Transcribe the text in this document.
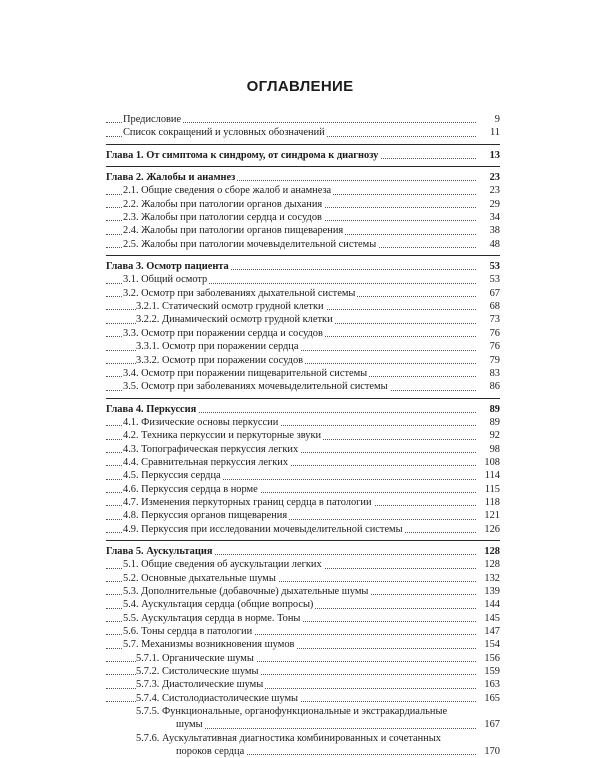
ОГЛАВЛЕНИЕ
Предисловие	9
Список сокращений и условных обозначений	11
Глава 1. От симптома к синдрому, от синдрома к диагнозу	13
Глава 2. Жалобы и анамнез	23
2.1. Общие сведения о сборе жалоб и анамнеза	23
2.2. Жалобы при патологии органов дыхания	29
2.3. Жалобы при патологии сердца и сосудов	34
2.4. Жалобы при патологии органов пищеварения	38
2.5. Жалобы при патологии мочевыделительной системы	48
Глава 3. Осмотр пациента	53
3.1. Общий осмотр	53
3.2. Осмотр при заболеваниях дыхательной системы	67
3.2.1. Статический осмотр грудной клетки	68
3.2.2. Динамический осмотр грудной клетки	73
3.3. Осмотр при поражении сердца и сосудов	76
3.3.1. Осмотр при поражении сердца	76
3.3.2. Осмотр при поражении сосудов	79
3.4. Осмотр при поражении пищеварительной системы	83
3.5. Осмотр при заболеваниях мочевыделительной системы	86
Глава 4. Перкуссия	89
4.1. Физические основы перкуссии	89
4.2. Техника перкуссии и перкуторные звуки	92
4.3. Топографическая перкуссия легких	98
4.4. Сравнительная перкуссия легких	108
4.5. Перкуссия сердца	114
4.6. Перкуссия сердца в норме	115
4.7. Изменения перкуторных границ сердца в патологии	118
4.8. Перкуссия органов пищеварения	121
4.9. Перкуссия при исследовании мочевыделительной системы	126
Глава 5. Аускультация	128
5.1. Общие сведения об аускультации легких	128
5.2. Основные дыхательные шумы	132
5.3. Дополнительные (добавочные) дыхательные шумы	139
5.4. Аускультация сердца (общие вопросы)	144
5.5. Аускультация сердца в норме. Тоны	145
5.6. Тоны сердца в патологии	147
5.7. Механизмы возникновения шумов	154
5.7.1. Органические шумы	156
5.7.2. Систолические шумы	159
5.7.3. Диастолические шумы	163
5.7.4. Систолодиастолические шумы	165
5.7.5. Функциональные, органофункциональные и экстракардиальные
шумы	167
5.7.6. Аускультативная диагностика комбинированных и сочетанных
пороков сердца	170
